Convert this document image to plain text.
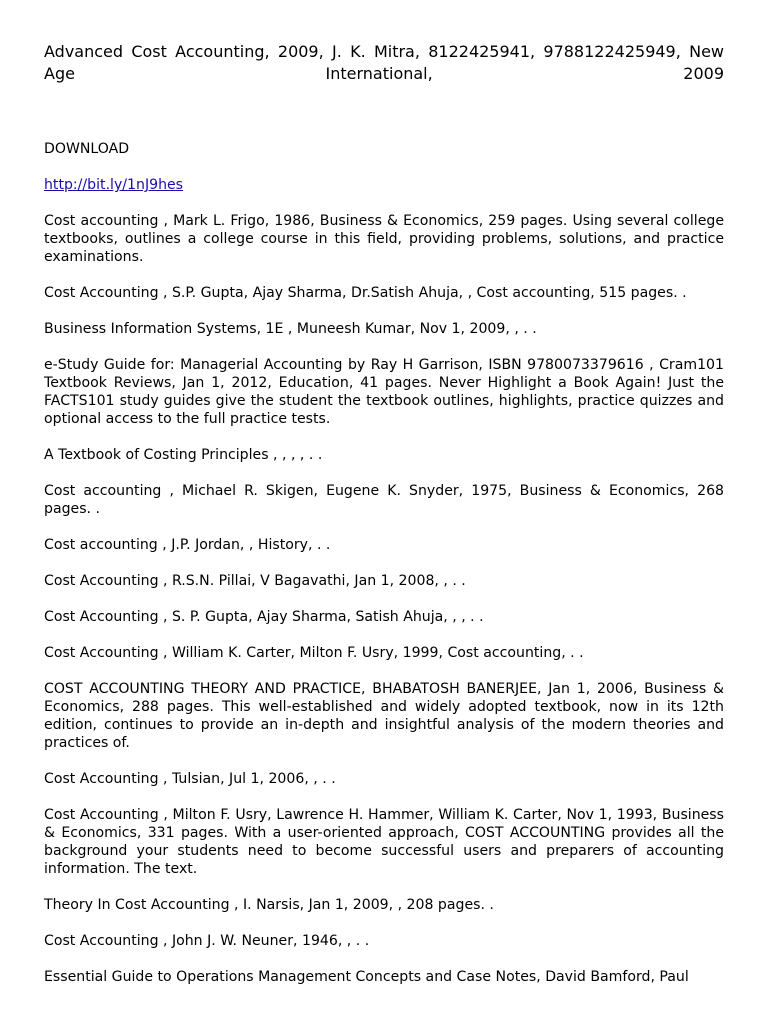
Advanced Cost Accounting, 2009, J. K. Mitra, 8122425941, 9788122425949, New Age International, 2009

DOWNLOAD

http://bit.ly/1nJ9hes

Cost accounting , Mark L. Frigo, 1986, Business & Economics, 259 pages. Using several college textbooks, outlines a college course in this field, providing problems, solutions, and practice examinations.

Cost Accounting , S.P. Gupta, Ajay Sharma, Dr.Satish Ahuja, , Cost accounting, 515 pages. .

Business Information Systems, 1E , Muneesh Kumar, Nov 1, 2009, , . .

e-Study Guide for: Managerial Accounting by Ray H Garrison, ISBN 9780073379616 , Cram101 Textbook Reviews, Jan 1, 2012, Education, 41 pages. Never Highlight a Book Again! Just the FACTS101 study guides give the student the textbook outlines, highlights, practice quizzes and optional access to the full practice tests.

A Textbook of Costing Principles , , , , . .

Cost accounting , Michael R. Skigen, Eugene K. Snyder, 1975, Business & Economics, 268 pages. .

Cost accounting , J.P. Jordan, , History, . .

Cost Accounting , R.S.N. Pillai, V Bagavathi, Jan 1, 2008, , . .

Cost Accounting , S. P. Gupta, Ajay Sharma, Satish Ahuja, , , . .

Cost Accounting , William K. Carter, Milton F. Usry, 1999, Cost accounting, . .

COST ACCOUNTING THEORY AND PRACTICE, BHABATOSH BANERJEE, Jan 1, 2006, Business & Economics, 288 pages. This well-established and widely adopted textbook, now in its 12th edition, continues to provide an in-depth and insightful analysis of the modern theories and practices of.

Cost Accounting , Tulsian, Jul 1, 2006, , . .

Cost Accounting , Milton F. Usry, Lawrence H. Hammer, William K. Carter, Nov 1, 1993, Business & Economics, 331 pages. With a user-oriented approach, COST ACCOUNTING provides all the background your students need to become successful users and preparers of accounting information. The text.

Theory In Cost Accounting , I. Narsis, Jan 1, 2009, , 208 pages. .

Cost Accounting , John J. W. Neuner, 1946, , . .

Essential Guide to Operations Management Concepts and Case Notes, David Bamford, Paul
